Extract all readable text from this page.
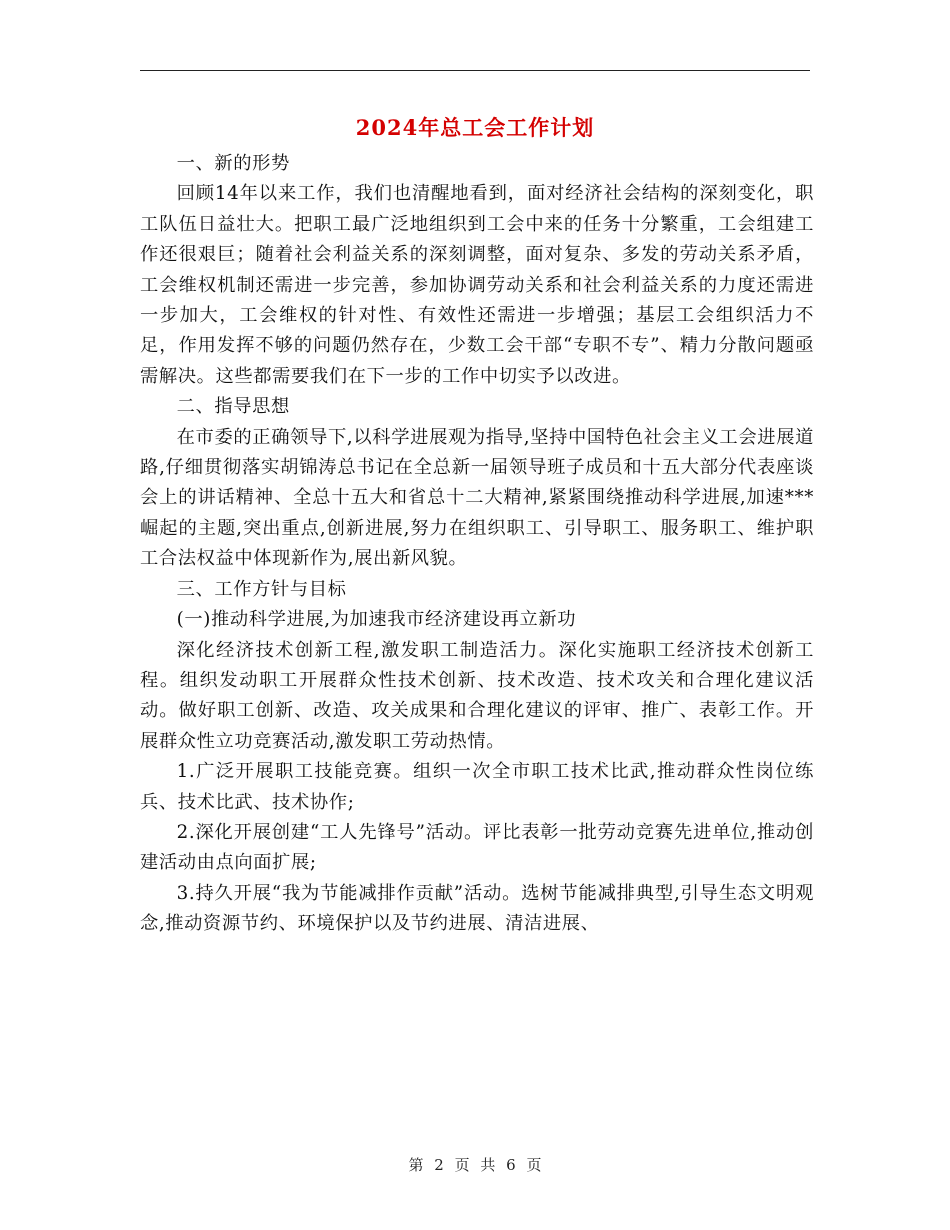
2024年总工会工作计划

一、新的形势

回顾14年以来工作，我们也清醒地看到，面对经济社会结构的深刻变化，职工队伍日益壮大。把职工最广泛地组织到工会中来的任务十分繁重，工会组建工作还很艰巨；随着社会利益关系的深刻调整，面对复杂、多发的劳动关系矛盾，工会维权机制还需进一步完善，参加协调劳动关系和社会利益关系的力度还需进一步加大，工会维权的针对性、有效性还需进一步增强；基层工会组织活力不足，作用发挥不够的问题仍然存在，少数工会干部“专职不专”、精力分散问题亟需解决。这些都需要我们在下一步的工作中切实予以改进。

二、指导思想

在市委的正确领导下,以科学进展观为指导,坚持中国特色社会主义工会进展道路,仔细贯彻落实胡锦涛总书记在全总新一届领导班子成员和十五大部分代表座谈会上的讲话精神、全总十五大和省总十二大精神,紧紧围绕推动科学进展,加速***崛起的主题,突出重点,创新进展,努力在组织职工、引导职工、服务职工、维护职工合法权益中体现新作为,展出新风貌。

三、工作方针与目标

(一)推动科学进展,为加速我市经济建设再立新功

深化经济技术创新工程,激发职工制造活力。深化实施职工经济技术创新工程。组织发动职工开展群众性技术创新、技术改造、技术攻关和合理化建议活动。做好职工创新、改造、攻关成果和合理化建议的评审、推广、表彰工作。开展群众性立功竞赛活动,激发职工劳动热情。

1.广泛开展职工技能竞赛。组织一次全市职工技术比武,推动群众性岗位练兵、技术比武、技术协作;

2.深化开展创建“工人先锋号”活动。评比表彰一批劳动竞赛先进单位,推动创建活动由点向面扩展;

3.持久开展“我为节能减排作贡献”活动。选树节能减排典型,引导生态文明观念,推动资源节约、环境保护以及节约进展、清洁进展、

第 2 页 共 6 页
